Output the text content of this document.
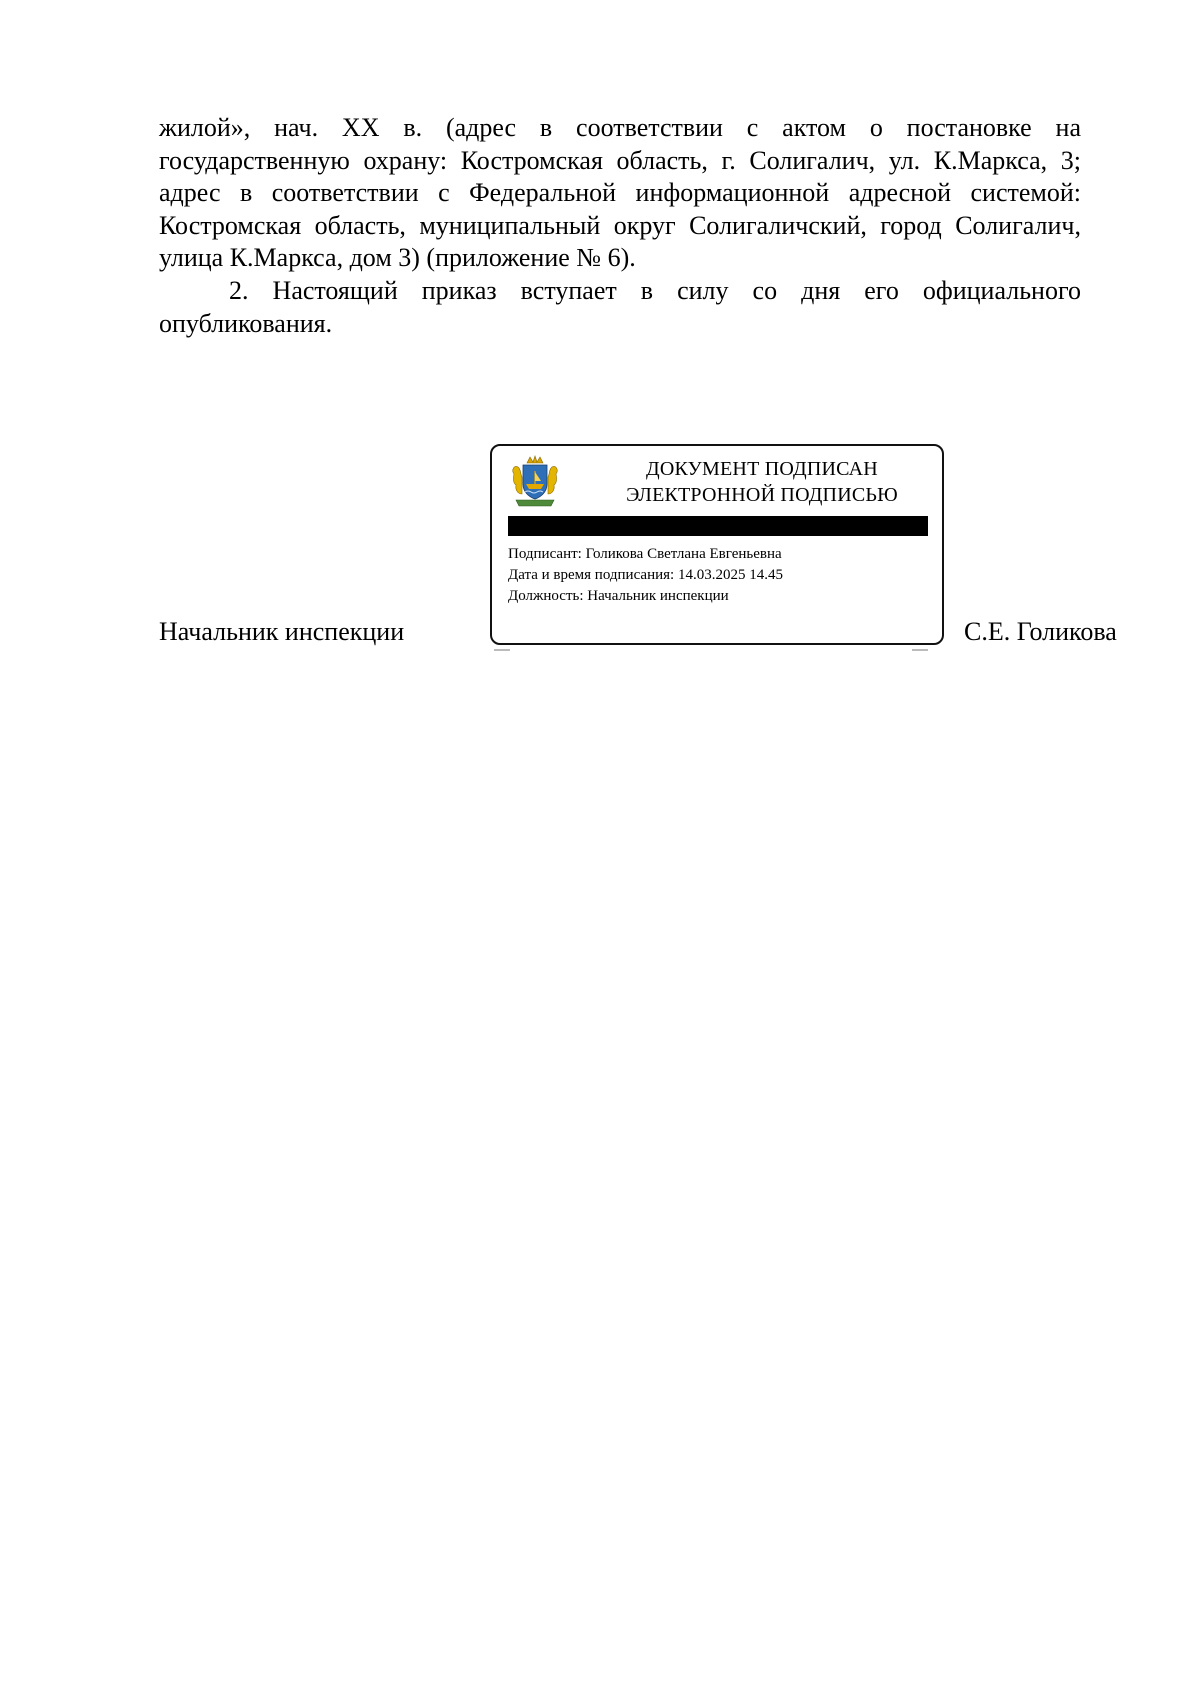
жилой», нач. XX в. (адрес в соответствии с актом о постановке на государственную охрану: Костромская область, г. Солигалич, ул. К.Маркса, 3; адрес в соответствии с Федеральной информационной адресной системой: Костромская область, муниципальный округ Солигаличский, город Солигалич, улица К.Маркса, дом 3) (приложение № 6).

2. Настоящий приказ вступает в силу со дня его официального опубликования.

Начальник инспекции
ДОКУМЕНТ ПОДПИСАН
ЭЛЕКТРОННОЙ ПОДПИСЬЮ
Подписант: Голикова Светлана Евгеньевна
Дата и время подписания: 14.03.2025 14.45
Должность: Начальник инспекции
С.Е. Голикова
